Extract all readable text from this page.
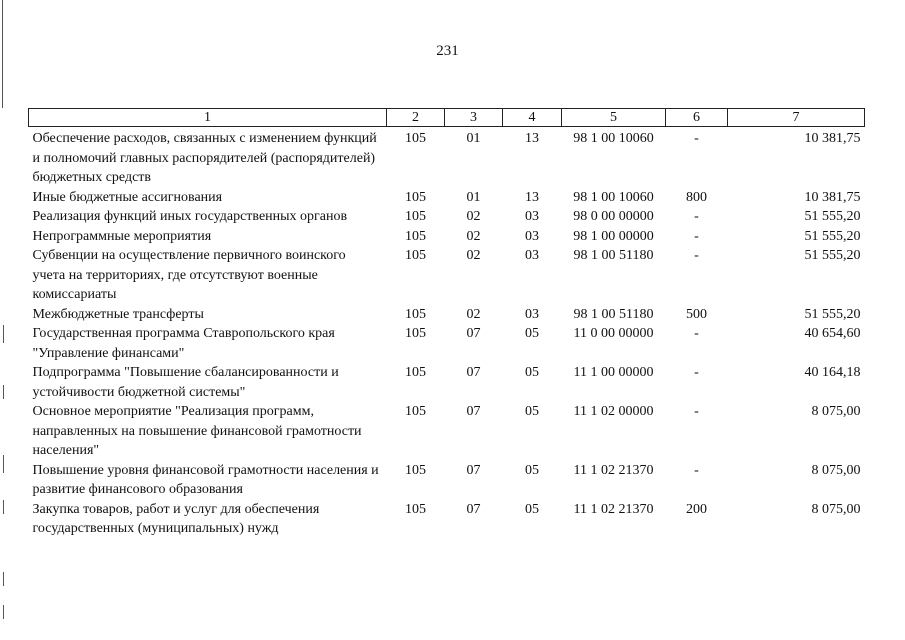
231
1	2	3	4	5	6	7
Обеспечение расходов, связанных с изменением функций и полномочий главных распорядителей (распорядителей) бюджетных средств	105	01	13	98 1 00 10060	-	10 381,75
Иные бюджетные ассигнования	105	01	13	98 1 00 10060	800	10 381,75
Реализация функций иных государственных органов	105	02	03	98 0 00 00000	-	51 555,20
Непрограммные мероприятия	105	02	03	98 1 00 00000	-	51 555,20
Субвенции на осуществление первичного воинского учета на территориях, где отсутствуют военные комиссариаты	105	02	03	98 1 00 51180	-	51 555,20
Межбюджетные трансферты	105	02	03	98 1 00 51180	500	51 555,20
Государственная программа Ставропольского края "Управление финансами"	105	07	05	11 0 00 00000	-	40 654,60
Подпрограмма "Повышение сбалансированности и устойчивости бюджетной системы"	105	07	05	11 1 00 00000	-	40 164,18
Основное мероприятие "Реализация программ, направленных на повышение финансовой грамотности населения"	105	07	05	11 1 02 00000	-	8 075,00
Повышение уровня финансовой грамотности населения и развитие финансового образования	105	07	05	11 1 02 21370	-	8 075,00
Закупка товаров, работ и услуг для обеспечения государственных (муниципальных) нужд	105	07	05	11 1 02 21370	200	8 075,00
